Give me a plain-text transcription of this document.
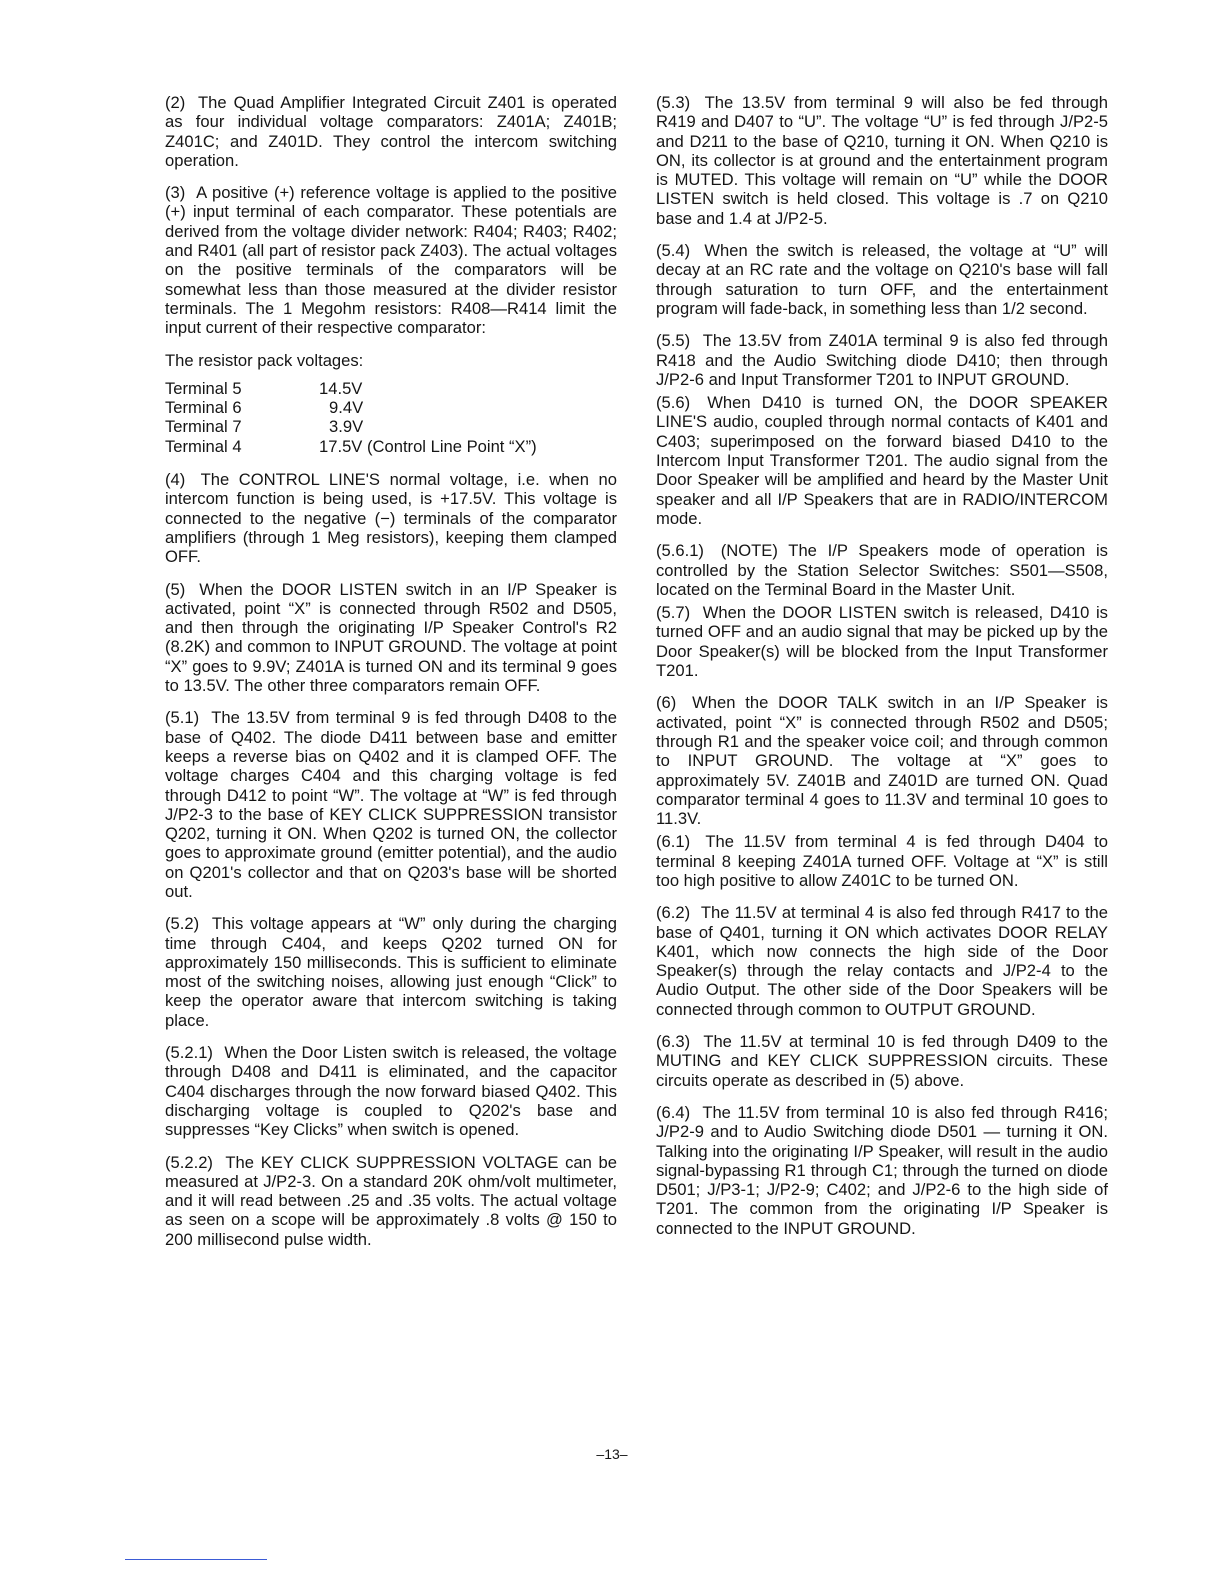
(2) The Quad Amplifier Integrated Circuit Z401 is operated as four individual voltage comparators: Z401A; Z401B; Z401C; and Z401D. They control the intercom switching operation.

(3) A positive (+) reference voltage is applied to the positive (+) input terminal of each comparator. These potentials are derived from the voltage divider network: R404; R403; R402; and R401 (all part of resistor pack Z403). The actual voltages on the positive terminals of the comparators will be somewhat less than those measured at the divider resistor terminals. The 1 Megohm resistors: R408—R414 limit the input current of their respective comparator:

The resistor pack voltages:

Terminal 5	14.5V
Terminal 6	9.4V
Terminal 7	3.9V
Terminal 4	17.5V (Control Line Point “X”)

(4) The CONTROL LINE'S normal voltage, i.e. when no intercom function is being used, is +17.5V. This voltage is connected to the negative (−) terminals of the comparator amplifiers (through 1 Meg resistors), keeping them clamped OFF.

(5) When the DOOR LISTEN switch in an I/P Speaker is activated, point “X” is connected through R502 and D505, and then through the originating I/P Speaker Control's R2 (8.2K) and common to INPUT GROUND. The voltage at point “X” goes to 9.9V; Z401A is turned ON and its terminal 9 goes to 13.5V. The other three comparators remain OFF.

(5.1) The 13.5V from terminal 9 is fed through D408 to the base of Q402. The diode D411 between base and emitter keeps a reverse bias on Q402 and it is clamped OFF. The voltage charges C404 and this charging voltage is fed through D412 to point “W”. The voltage at “W” is fed through J/P2-3 to the base of KEY CLICK SUPPRESSION transistor Q202, turning it ON. When Q202 is turned ON, the collector goes to approximate ground (emitter potential), and the audio on Q201's collector and that on Q203's base will be shorted out.

(5.2) This voltage appears at “W” only during the charging time through C404, and keeps Q202 turned ON for approximately 150 milliseconds. This is sufficient to eliminate most of the switching noises, allowing just enough “Click” to keep the operator aware that intercom switching is taking place.

(5.2.1) When the Door Listen switch is released, the voltage through D408 and D411 is eliminated, and the capacitor C404 discharges through the now forward biased Q402. This discharging voltage is coupled to Q202's base and suppresses “Key Clicks” when switch is opened.

(5.2.2) The KEY CLICK SUPPRESSION VOLTAGE can be measured at J/P2-3. On a standard 20K ohm/volt multimeter, and it will read between .25 and .35 volts. The actual voltage as seen on a scope will be approximately .8 volts @ 150 to 200 millisecond pulse width.

(5.3) The 13.5V from terminal 9 will also be fed through R419 and D407 to “U”. The voltage “U” is fed through J/P2-5 and D211 to the base of Q210, turning it ON. When Q210 is ON, its collector is at ground and the entertainment program is MUTED. This voltage will remain on “U” while the DOOR LISTEN switch is held closed. This voltage is .7 on Q210 base and 1.4 at J/P2-5.

(5.4) When the switch is released, the voltage at “U” will decay at an RC rate and the voltage on Q210's base will fall through saturation to turn OFF, and the entertainment program will fade-back, in something less than 1/2 second.

(5.5) The 13.5V from Z401A terminal 9 is also fed through R418 and the Audio Switching diode D410; then through J/P2-6 and Input Transformer T201 to INPUT GROUND.

(5.6) When D410 is turned ON, the DOOR SPEAKER LINE'S audio, coupled through normal contacts of K401 and C403; superimposed on the forward biased D410 to the Intercom Input Transformer T201. The audio signal from the Door Speaker will be amplified and heard by the Master Unit speaker and all I/P Speakers that are in RADIO/INTERCOM mode.

(5.6.1) (NOTE) The I/P Speakers mode of operation is controlled by the Station Selector Switches: S501—S508, located on the Terminal Board in the Master Unit.

(5.7) When the DOOR LISTEN switch is released, D410 is turned OFF and an audio signal that may be picked up by the Door Speaker(s) will be blocked from the Input Transformer T201.

(6) When the DOOR TALK switch in an I/P Speaker is activated, point “X” is connected through R502 and D505; through R1 and the speaker voice coil; and through common to INPUT GROUND. The voltage at “X” goes to approximately 5V. Z401B and Z401D are turned ON. Quad comparator terminal 4 goes to 11.3V and terminal 10 goes to 11.3V.

(6.1) The 11.5V from terminal 4 is fed through D404 to terminal 8 keeping Z401A turned OFF. Voltage at “X” is still too high positive to allow Z401C to be turned ON.

(6.2) The 11.5V at terminal 4 is also fed through R417 to the base of Q401, turning it ON which activates DOOR RELAY K401, which now connects the high side of the Door Speaker(s) through the relay contacts and J/P2-4 to the Audio Output. The other side of the Door Speakers will be connected through common to OUTPUT GROUND.

(6.3) The 11.5V at terminal 10 is fed through D409 to the MUTING and KEY CLICK SUPPRESSION circuits. These circuits operate as described in (5) above.

(6.4) The 11.5V from terminal 10 is also fed through R416; J/P2-9 and to Audio Switching diode D501 — turning it ON. Talking into the originating I/P Speaker, will result in the audio signal-bypassing R1 through C1; through the turned on diode D501; J/P3-1; J/P2-9; C402; and J/P2-6 to the high side of T201. The common from the originating I/P Speaker is connected to the INPUT GROUND.

–13–
